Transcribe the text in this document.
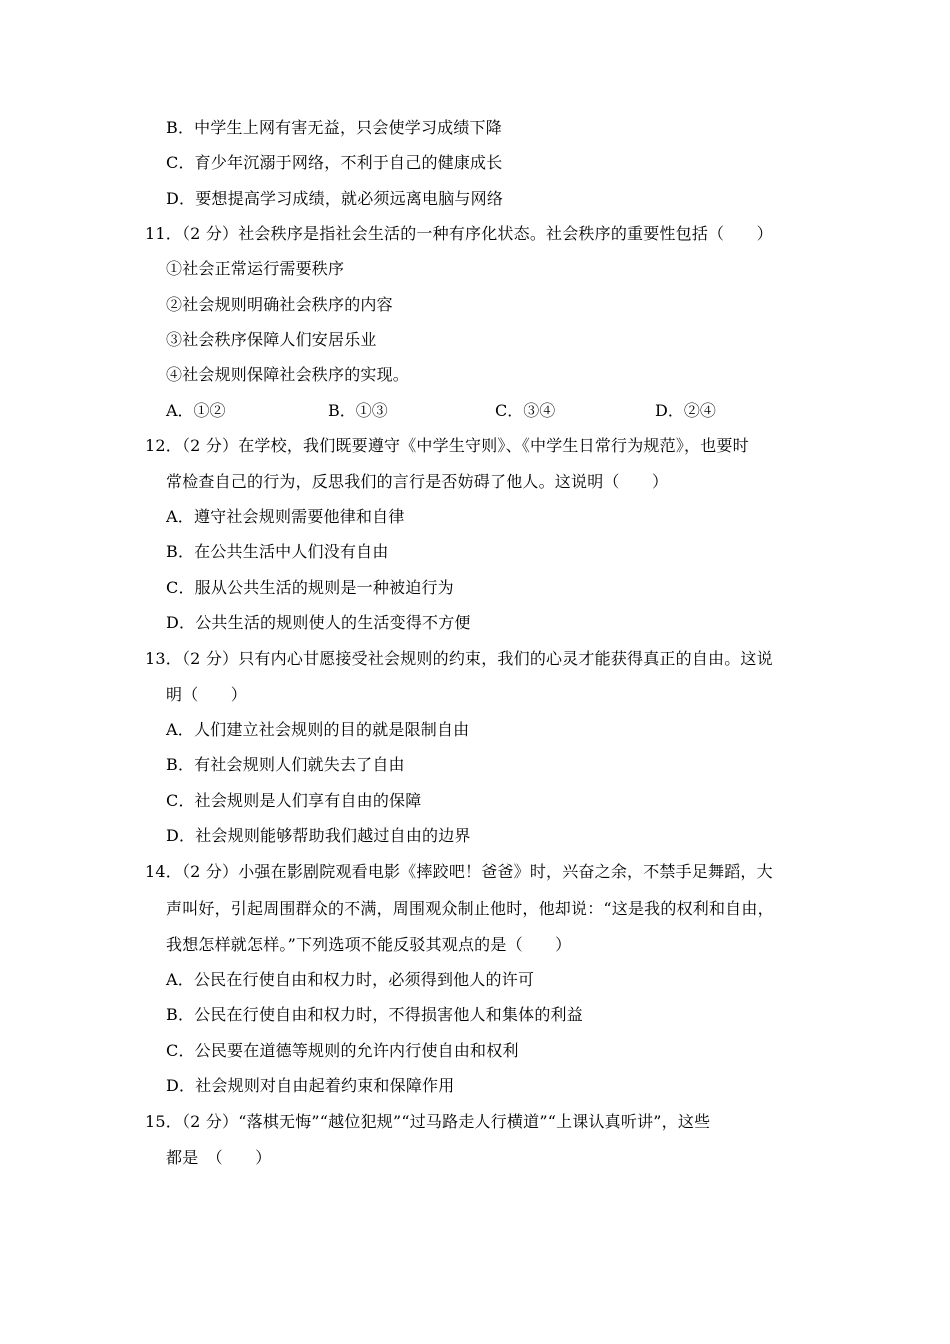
B．中学生上网有害无益，只会使学习成绩下降
C．育少年沉溺于网络，不利于自己的健康成长
D．要想提高学习成绩，就必须远离电脑与网络
11．（2 分）社会秩序是指社会生活的一种有序化状态。社会秩序的重要性包括（　　）
①社会正常运行需要秩序
②社会规则明确社会秩序的内容
③社会秩序保障人们安居乐业
④社会规则保障社会秩序的实现。
A．①②	B．①③	C．③④	D．②④
12．（2 分）在学校，我们既要遵守《中学生守则》、《中学生日常行为规范》，也要时
常检查自己的行为，反思我们的言行是否妨碍了他人。这说明（　　）
A．遵守社会规则需要他律和自律
B．在公共生活中人们没有自由
C．服从公共生活的规则是一种被迫行为
D．公共生活的规则使人的生活变得不方便
13．（2 分）只有内心甘愿接受社会规则的约束，我们的心灵才能获得真正的自由。这说
明（　　）
A．人们建立社会规则的目的就是限制自由
B．有社会规则人们就失去了自由
C．社会规则是人们享有自由的保障
D．社会规则能够帮助我们越过自由的边界
14．（2 分）小强在影剧院观看电影《摔跤吧！爸爸》时，兴奋之余，不禁手足舞蹈，大
声叫好，引起周围群众的不满，周围观众制止他时，他却说：“这是我的权利和自由，
我想怎样就怎样。”下列选项不能反驳其观点的是（　　）
A．公民在行使自由和权力时，必须得到他人的许可
B．公民在行使自由和权力时，不得损害他人和集体的利益
C．公民要在道德等规则的允许内行使自由和权利
D．社会规则对自由起着约束和保障作用
15．（2 分）“落棋无悔”“越位犯规”“过马路走人行横道”“上课认真听讲”，这些
都是　（　　）
